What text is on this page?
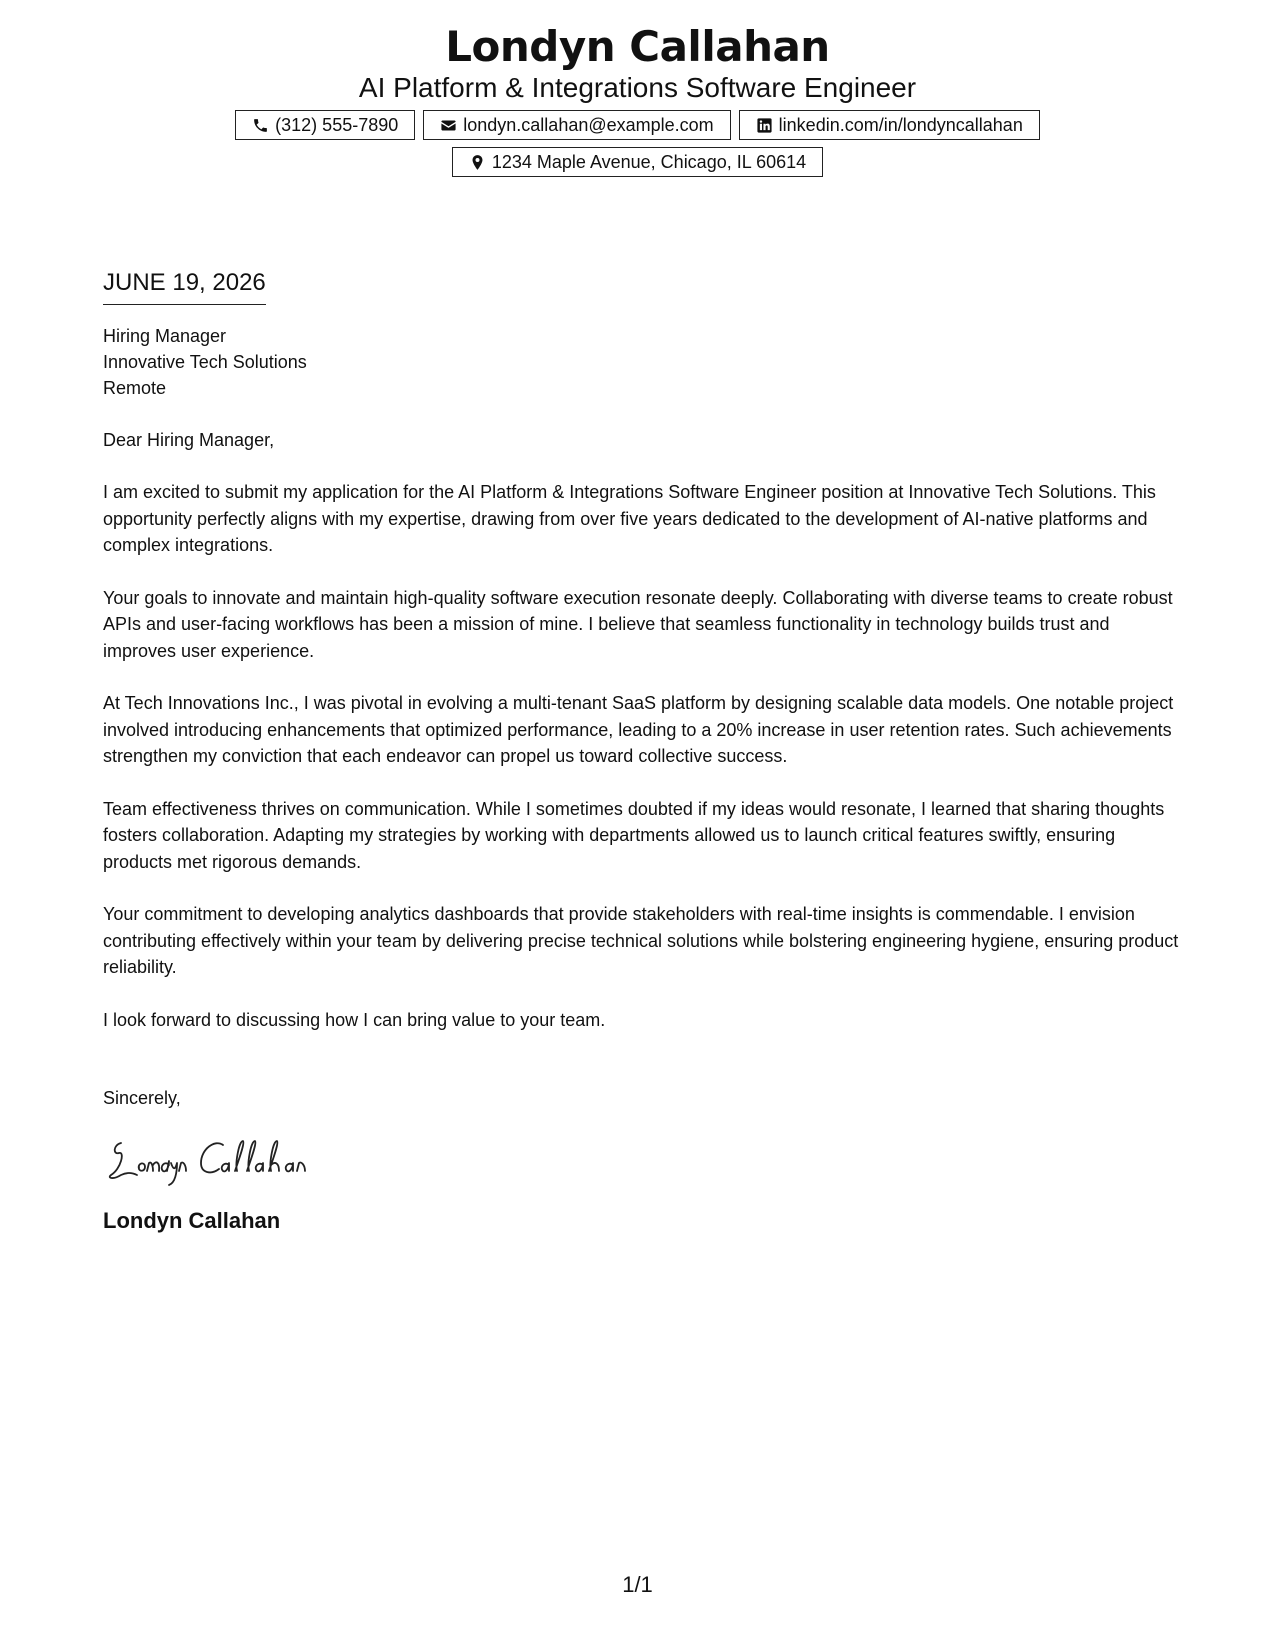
Londyn Callahan
AI Platform & Integrations Software Engineer
(312) 555-7890	londyn.callahan@example.com	linkedin.com/in/londyncallahan
1234 Maple Avenue, Chicago, IL 60614
JUNE 19, 2026
Hiring Manager
Innovative Tech Solutions
Remote
Dear Hiring Manager,

I am excited to submit my application for the AI Platform & Integrations Software Engineer position at Innovative Tech Solutions. This opportunity perfectly aligns with my expertise, drawing from over five years dedicated to the development of AI-native platforms and complex integrations.

Your goals to innovate and maintain high-quality software execution resonate deeply. Collaborating with diverse teams to create robust APIs and user-facing workflows has been a mission of mine. I believe that seamless functionality in technology builds trust and improves user experience.

At Tech Innovations Inc., I was pivotal in evolving a multi-tenant SaaS platform by designing scalable data models. One notable project involved introducing enhancements that optimized performance, leading to a 20% increase in user retention rates. Such achievements strengthen my conviction that each endeavor can propel us toward collective success.

Team effectiveness thrives on communication. While I sometimes doubted if my ideas would resonate, I learned that sharing thoughts fosters collaboration. Adapting my strategies by working with departments allowed us to launch critical features swiftly, ensuring products met rigorous demands.

Your commitment to developing analytics dashboards that provide stakeholders with real-time insights is commendable. I envision contributing effectively within your team by delivering precise technical solutions while bolstering engineering hygiene, ensuring product reliability.

I look forward to discussing how I can bring value to your team.

Sincerely,
Londyn Callahan
1/1
